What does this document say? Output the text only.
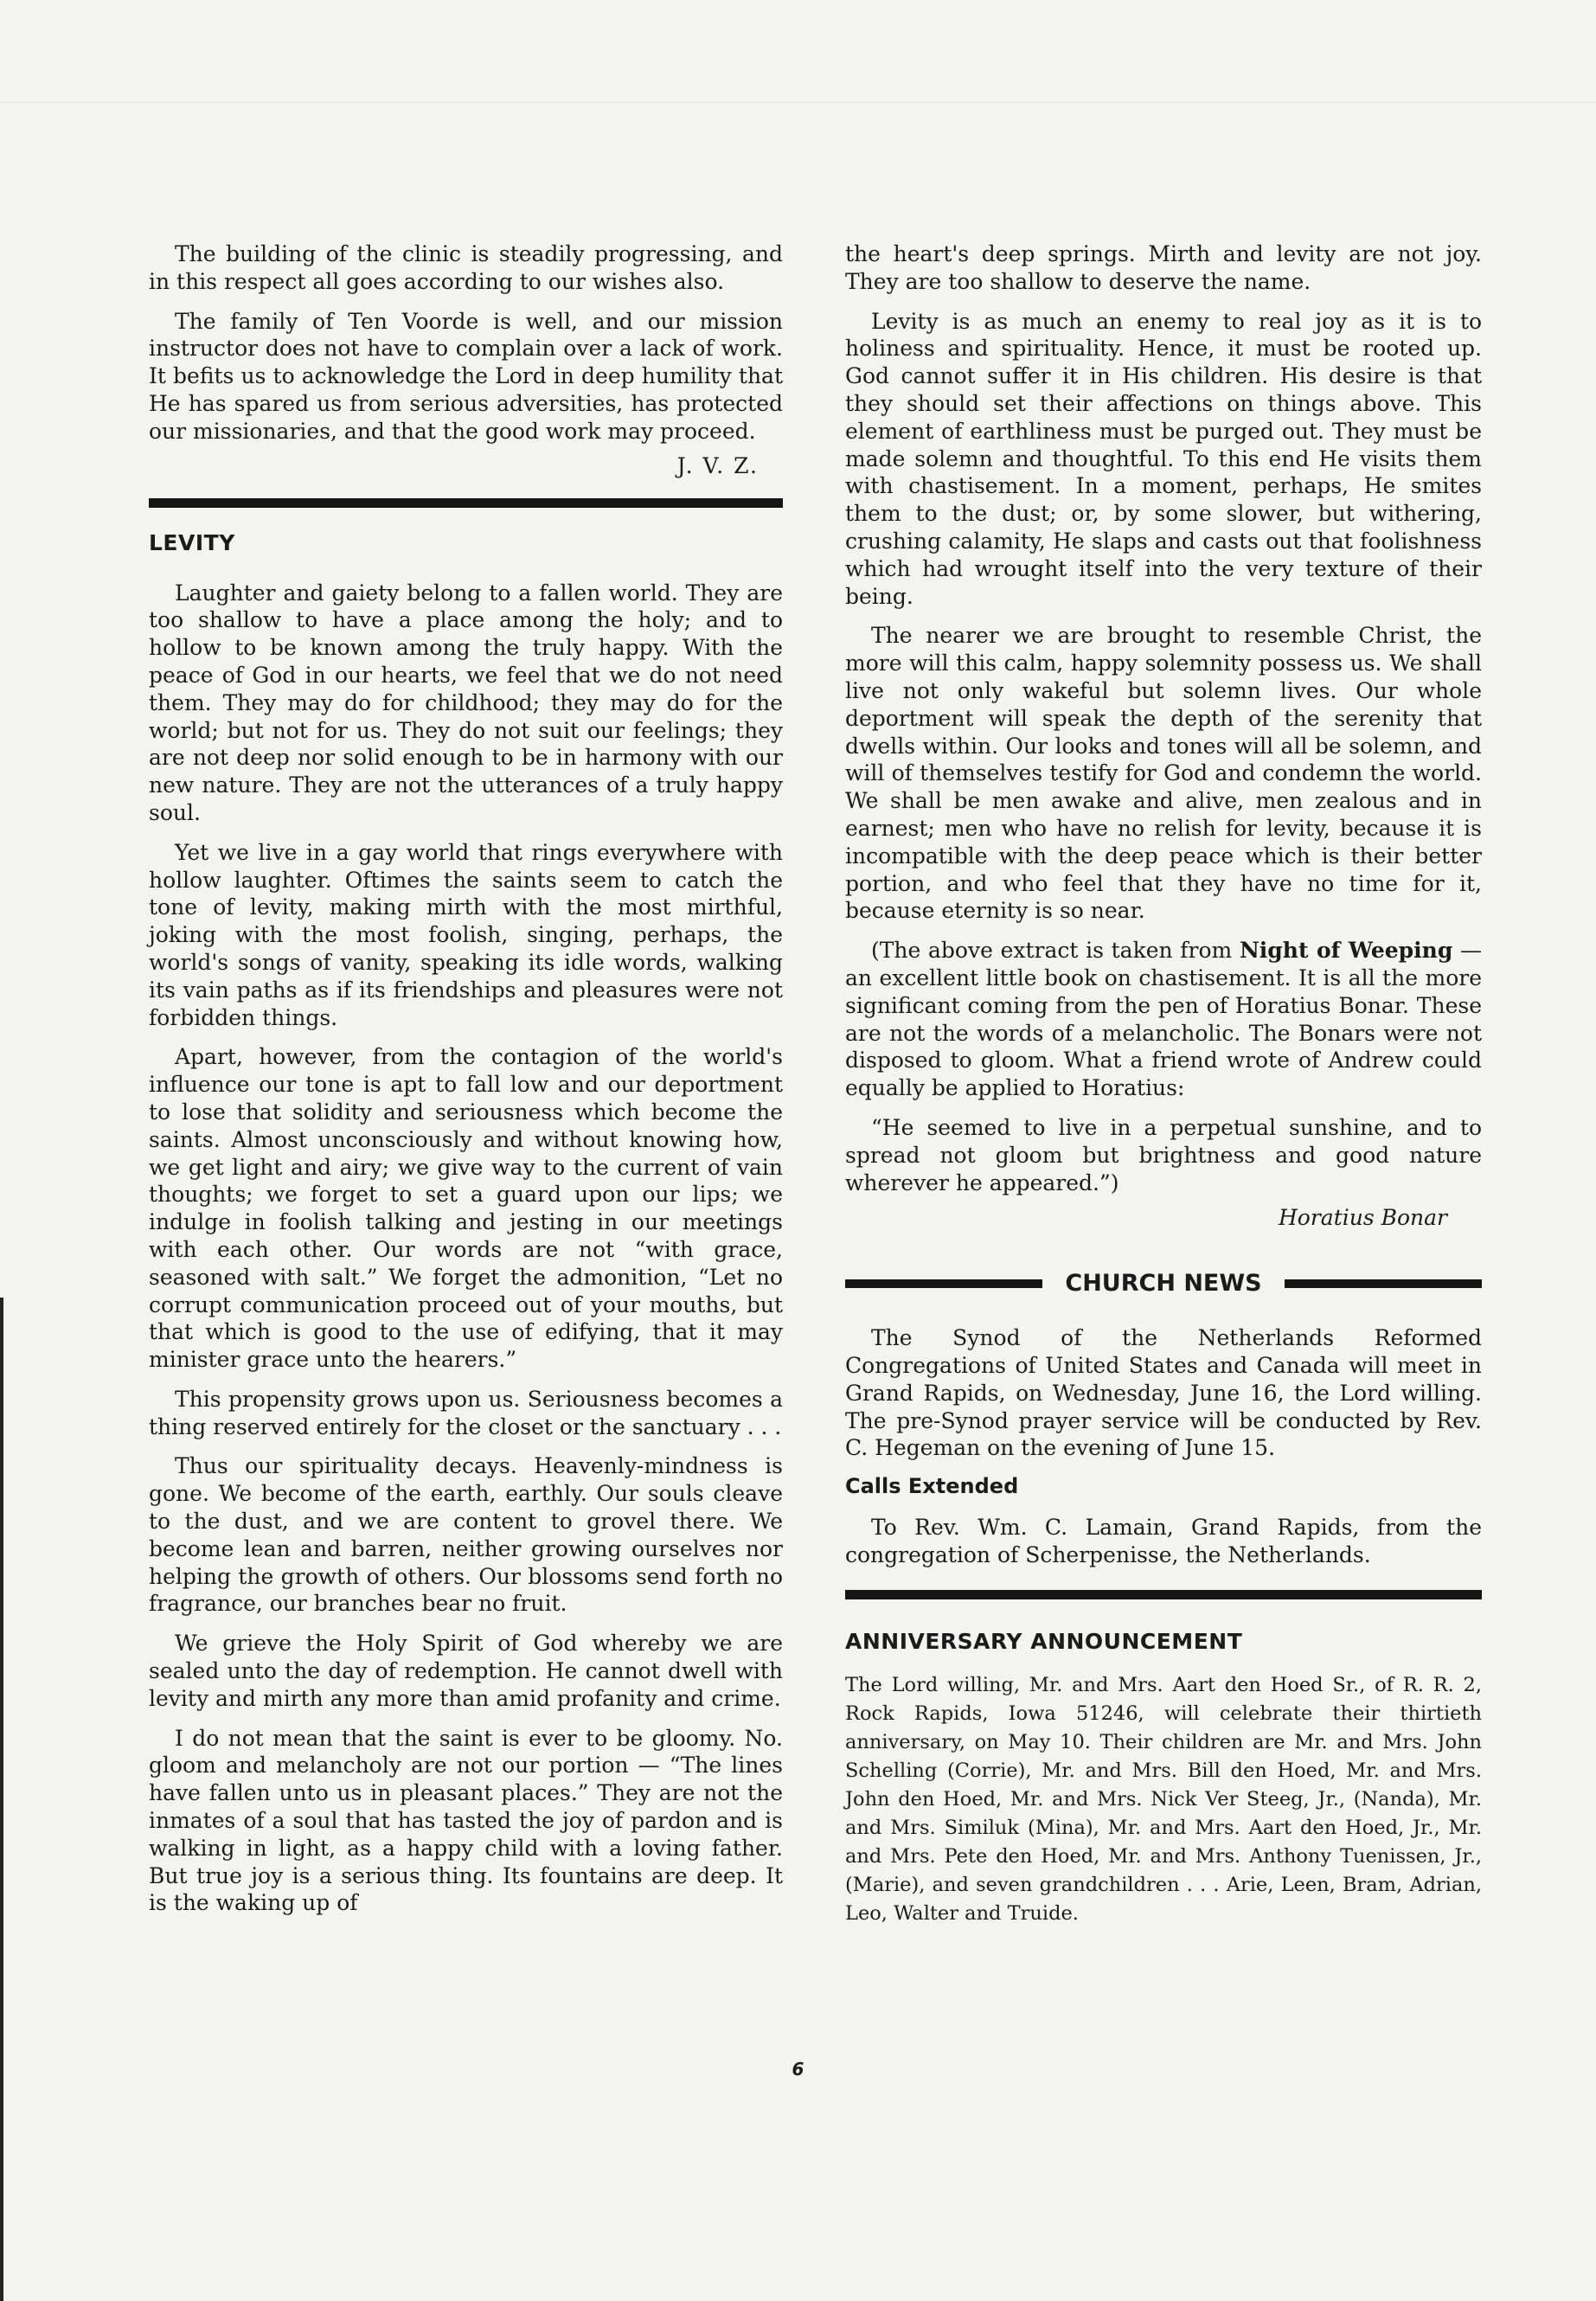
The building of the clinic is steadily progressing, and in this respect all goes according to our wishes also.

The family of Ten Voorde is well, and our mission instructor does not have to complain over a lack of work. It befits us to acknowledge the Lord in deep humility that He has spared us from serious adversities, has protected our missionaries, and that the good work may proceed.

J. V. Z.
LEVITY

Laughter and gaiety belong to a fallen world. They are too shallow to have a place among the holy; and to hollow to be known among the truly happy. With the peace of God in our hearts, we feel that we do not need them. They may do for childhood; they may do for the world; but not for us. They do not suit our feelings; they are not deep nor solid enough to be in harmony with our new nature. They are not the utterances of a truly happy soul.

Yet we live in a gay world that rings everywhere with hollow laughter. Oftimes the saints seem to catch the tone of levity, making mirth with the most mirthful, joking with the most foolish, singing, perhaps, the world's songs of vanity, speaking its idle words, walking its vain paths as if its friendships and pleasures were not forbidden things.

Apart, however, from the contagion of the world's influence our tone is apt to fall low and our deportment to lose that solidity and seriousness which become the saints. Almost unconsciously and without knowing how, we get light and airy; we give way to the current of vain thoughts; we forget to set a guard upon our lips; we indulge in foolish talking and jesting in our meetings with each other. Our words are not “with grace, seasoned with salt.” We forget the admonition, “Let no corrupt communication proceed out of your mouths, but that which is good to the use of edifying, that it may minister grace unto the hearers.”

This propensity grows upon us. Seriousness becomes a thing reserved entirely for the closet or the sanctuary . . .

Thus our spirituality decays. Heavenly-mindness is gone. We become of the earth, earthly. Our souls cleave to the dust, and we are content to grovel there. We become lean and barren, neither growing ourselves nor helping the growth of others. Our blossoms send forth no fragrance, our branches bear no fruit.

We grieve the Holy Spirit of God whereby we are sealed unto the day of redemption. He cannot dwell with levity and mirth any more than amid profanity and crime.

I do not mean that the saint is ever to be gloomy. No. gloom and melancholy are not our portion — “The lines have fallen unto us in pleasant places.” They are not the inmates of a soul that has tasted the joy of pardon and is walking in light, as a happy child with a loving father. But true joy is a serious thing. Its fountains are deep. It is the waking up of

the heart's deep springs. Mirth and levity are not joy. They are too shallow to deserve the name.

Levity is as much an enemy to real joy as it is to holiness and spirituality. Hence, it must be rooted up. God cannot suffer it in His children. His desire is that they should set their affections on things above. This element of earthliness must be purged out. They must be made solemn and thoughtful. To this end He visits them with chastisement. In a moment, perhaps, He smites them to the dust; or, by some slower, but withering, crushing calamity, He slaps and casts out that foolishness which had wrought itself into the very texture of their being.

The nearer we are brought to resemble Christ, the more will this calm, happy solemnity possess us. We shall live not only wakeful but solemn lives. Our whole deportment will speak the depth of the serenity that dwells within. Our looks and tones will all be solemn, and will of themselves testify for God and condemn the world. We shall be men awake and alive, men zealous and in earnest; men who have no relish for levity, because it is incompatible with the deep peace which is their better portion, and who feel that they have no time for it, because eternity is so near.

(The above extract is taken from Night of Weeping — an excellent little book on chastisement. It is all the more significant coming from the pen of Horatius Bonar. These are not the words of a melancholic. The Bonars were not disposed to gloom. What a friend wrote of Andrew could equally be applied to Horatius:

“He seemed to live in a perpetual sunshine, and to spread not gloom but brightness and good nature wherever he appeared.”)

Horatius Bonar
CHURCH NEWS

The Synod of the Netherlands Reformed Congregations of United States and Canada will meet in Grand Rapids, on Wednesday, June 16, the Lord willing. The pre-Synod prayer service will be conducted by Rev. C. Hegeman on the evening of June 15.

Calls Extended

To Rev. Wm. C. Lamain, Grand Rapids, from the congregation of Scherpenisse, the Netherlands.

ANNIVERSARY ANNOUNCEMENT

The Lord willing, Mr. and Mrs. Aart den Hoed Sr., of R. R. 2, Rock Rapids, Iowa 51246, will celebrate their thirtieth anniversary, on May 10. Their children are Mr. and Mrs. John Schelling (Corrie), Mr. and Mrs. Bill den Hoed, Mr. and Mrs. John den Hoed, Mr. and Mrs. Nick Ver Steeg, Jr., (Nanda), Mr. and Mrs. Similuk (Mina), Mr. and Mrs. Aart den Hoed, Jr., Mr. and Mrs. Pete den Hoed, Mr. and Mrs. Anthony Tuenissen, Jr., (Marie), and seven grandchildren . . . Arie, Leen, Bram, Adrian, Leo, Walter and Truide.

6
